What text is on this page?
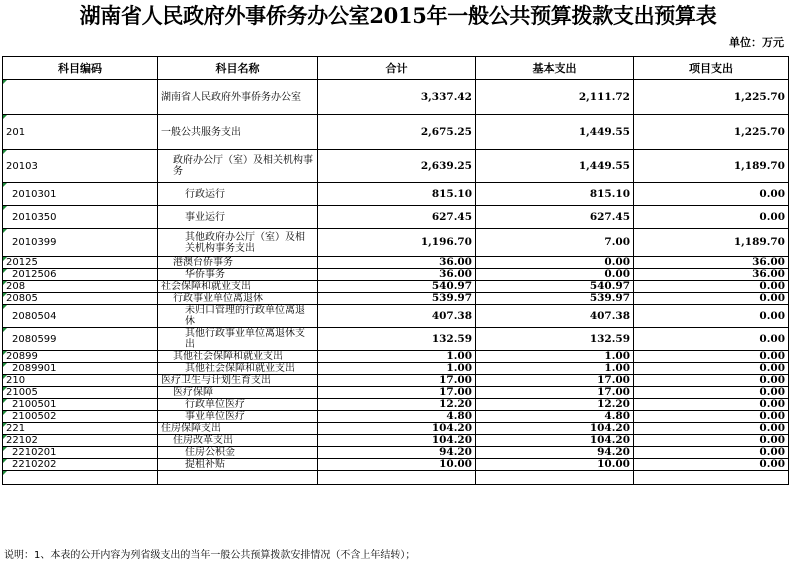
湖南省人民政府外事侨务办公室2015年一般公共预算拨款支出预算表
单位：万元
科目编码	科目名称	合计	基本支出	项目支出
	湖南省人民政府外事侨务办公室	3,337.42	2,111.72	1,225.70
201	一般公共服务支出	2,675.25	1,449.55	1,225.70
20103	政府办公厅（室）及相关机构事务	2,639.25	1,449.55	1,189.70
2010301	行政运行	815.10	815.10	0.00
2010350	事业运行	627.45	627.45	0.00
2010399	其他政府办公厅（室）及相关机构事务支出	1,196.70	7.00	1,189.70
20125	港澳台侨事务	36.00	0.00	36.00
2012506	华侨事务	36.00	0.00	36.00
208	社会保障和就业支出	540.97	540.97	0.00
20805	行政事业单位离退休	539.97	539.97	0.00
2080504	未归口管理的行政单位离退休	407.38	407.38	0.00
2080599	其他行政事业单位离退休支出	132.59	132.59	0.00
20899	其他社会保障和就业支出	1.00	1.00	0.00
2089901	其他社会保障和就业支出	1.00	1.00	0.00
210	医疗卫生与计划生育支出	17.00	17.00	0.00
21005	医疗保障	17.00	17.00	0.00
2100501	行政单位医疗	12.20	12.20	0.00
2100502	事业单位医疗	4.80	4.80	0.00
221	住房保障支出	104.20	104.20	0.00
22102	住房改革支出	104.20	104.20	0.00
2210201	住房公积金	94.20	94.20	0.00
2210202	提租补贴	10.00	10.00	0.00

说明：1、本表的公开内容为列省级支出的当年一般公共预算拨款安排情况（不含上年结转）；
